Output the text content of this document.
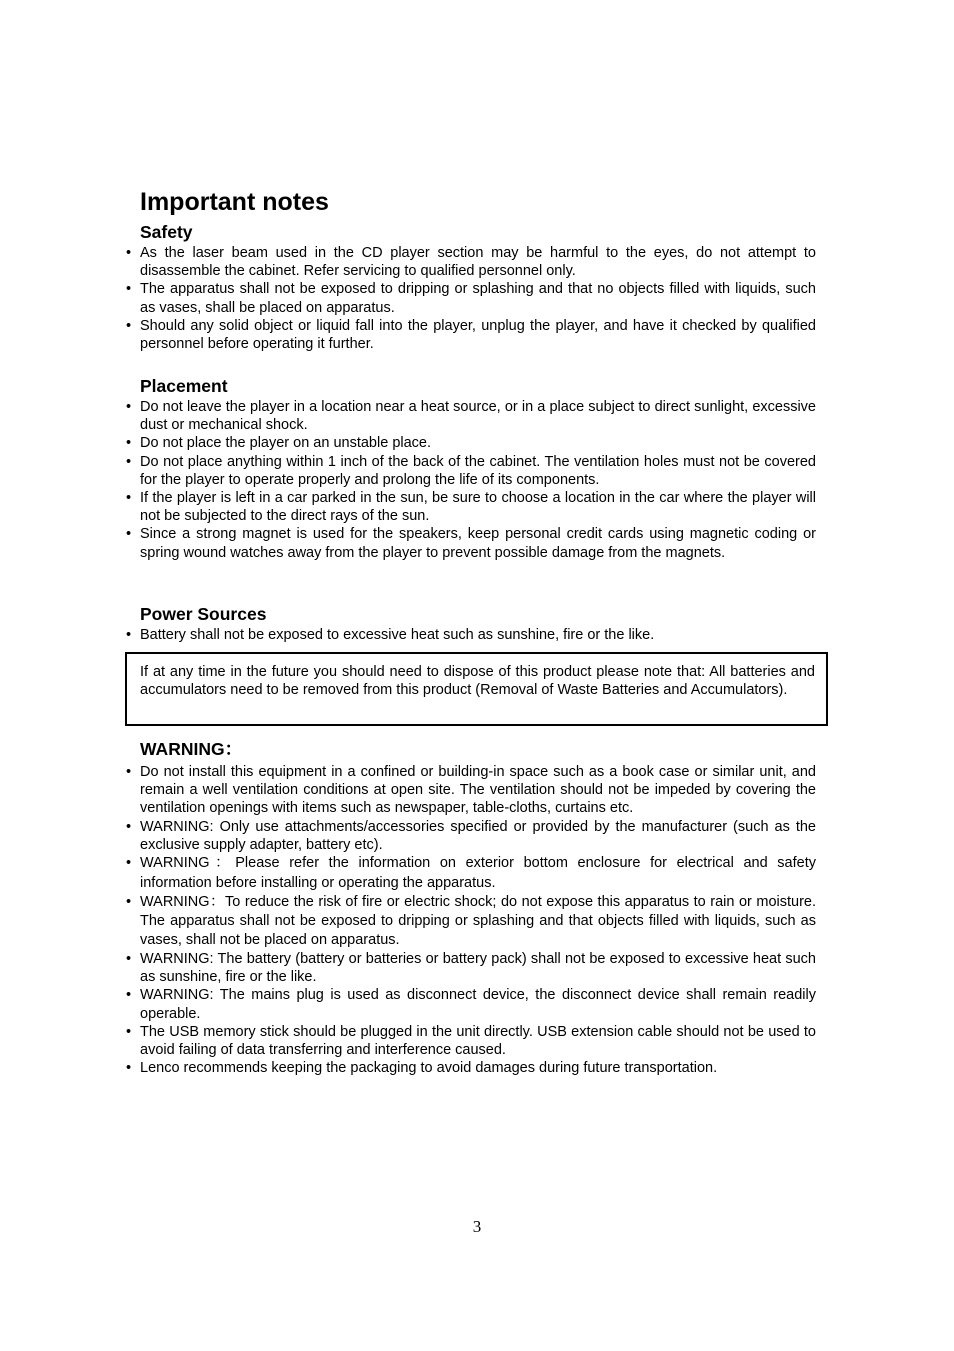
Important notes
Safety
• As the laser beam used in the CD player section may be harmful to the eyes, do not attempt to disassemble the cabinet. Refer servicing to qualified personnel only.
• The apparatus shall not be exposed to dripping or splashing and that no objects filled with liquids, such as vases, shall be placed on apparatus.
• Should any solid object or liquid fall into the player, unplug the player, and have it checked by qualified personnel before operating it further.
Placement
• Do not leave the player in a location near a heat source, or in a place subject to direct sunlight, excessive dust or mechanical shock.
• Do not place the player on an unstable place.
• Do not place anything within 1 inch of the back of the cabinet. The ventilation holes must not be covered for the player to operate properly and prolong the life of its components.
• If the player is left in a car parked in the sun, be sure to choose a location in the car where the player will not be subjected to the direct rays of the sun.
• Since a strong magnet is used for the speakers, keep personal credit cards using magnetic coding or spring wound watches away from the player to prevent possible damage from the magnets.
Power Sources
• Battery shall not be exposed to excessive heat such as sunshine, fire or the like.

If at any time in the future you should need to dispose of this product please note that: All batteries and accumulators need to be removed from this product (Removal of Waste Batteries and Accumulators).

WARNING：
• Do not install this equipment in a confined or building-in space such as a book case or similar unit, and remain a well ventilation conditions at open site. The ventilation should not be impeded by covering the ventilation openings with items such as newspaper, table-cloths, curtains etc.
• WARNING: Only use attachments/accessories specified or provided by the manufacturer (such as the exclusive supply adapter, battery etc).
• WARNING：Please refer the information on exterior bottom enclosure for electrical and safety information before installing or operating the apparatus.
• WARNING：To reduce the risk of fire or electric shock; do not expose this apparatus to rain or moisture. The apparatus shall not be exposed to dripping or splashing and that objects filled with liquids, such as vases, shall not be placed on apparatus.
• WARNING: The battery (battery or batteries or battery pack) shall not be exposed to excessive heat such as sunshine, fire or the like.
• WARNING: The mains plug is used as disconnect device, the disconnect device shall remain readily operable.
• The USB memory stick should be plugged in the unit directly. USB extension cable should not be used to avoid failing of data transferring and interference caused.
• Lenco recommends keeping the packaging to avoid damages during future transportation.
3
